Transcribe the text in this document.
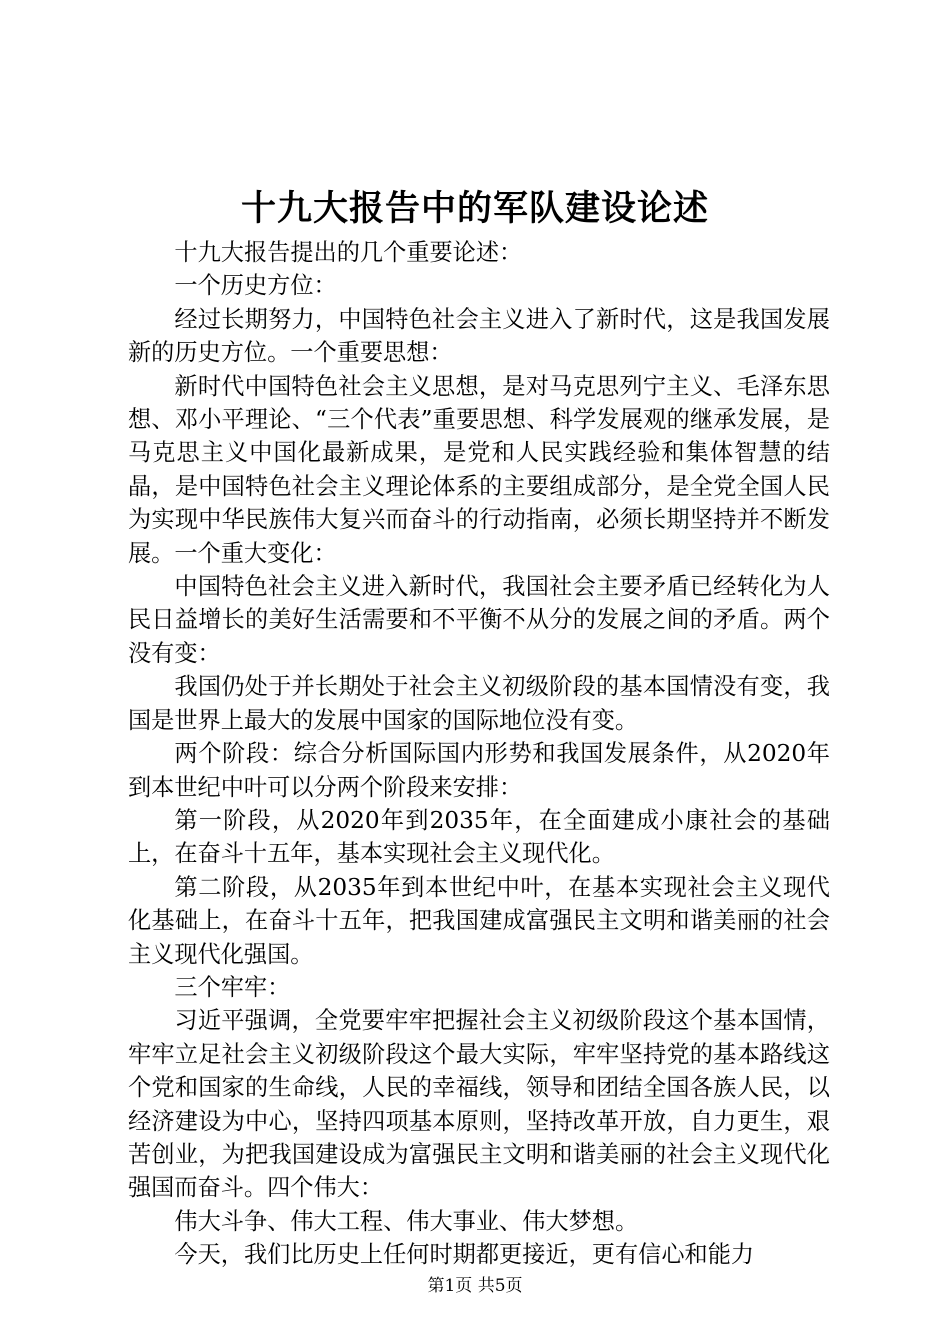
十九大报告中的军队建设论述

十九大报告提出的几个重要论述：

一个历史方位：

经过长期努力，中国特色社会主义进入了新时代，这是我国发展新的历史方位。一个重要思想：

新时代中国特色社会主义思想，是对马克思列宁主义、毛泽东思想、邓小平理论、“三个代表”重要思想、科学发展观的继承发展，是马克思主义中国化最新成果，是党和人民实践经验和集体智慧的结晶，是中国特色社会主义理论体系的主要组成部分，是全党全国人民为实现中华民族伟大复兴而奋斗的行动指南，必须长期坚持并不断发展。一个重大变化：

中国特色社会主义进入新时代，我国社会主要矛盾已经转化为人民日益增长的美好生活需要和不平衡不从分的发展之间的矛盾。两个没有变：

我国仍处于并长期处于社会主义初级阶段的基本国情没有变，我国是世界上最大的发展中国家的国际地位没有变。

两个阶段：综合分析国际国内形势和我国发展条件，从2020年到本世纪中叶可以分两个阶段来安排：

第一阶段，从2020年到2035年，在全面建成小康社会的基础上，在奋斗十五年，基本实现社会主义现代化。

第二阶段，从2035年到本世纪中叶，在基本实现社会主义现代化基础上，在奋斗十五年，把我国建成富强民主文明和谐美丽的社会主义现代化强国。

三个牢牢：

习近平强调，全党要牢牢把握社会主义初级阶段这个基本国情，牢牢立足社会主义初级阶段这个最大实际，牢牢坚持党的基本路线这个党和国家的生命线，人民的幸福线，领导和团结全国各族人民，以经济建设为中心，坚持四项基本原则，坚持改革开放，自力更生，艰苦创业，为把我国建设成为富强民主文明和谐美丽的社会主义现代化强国而奋斗。四个伟大：

伟大斗争、伟大工程、伟大事业、伟大梦想。

今天，我们比历史上任何时期都更接近，更有信心和能力

第1页 共5页
